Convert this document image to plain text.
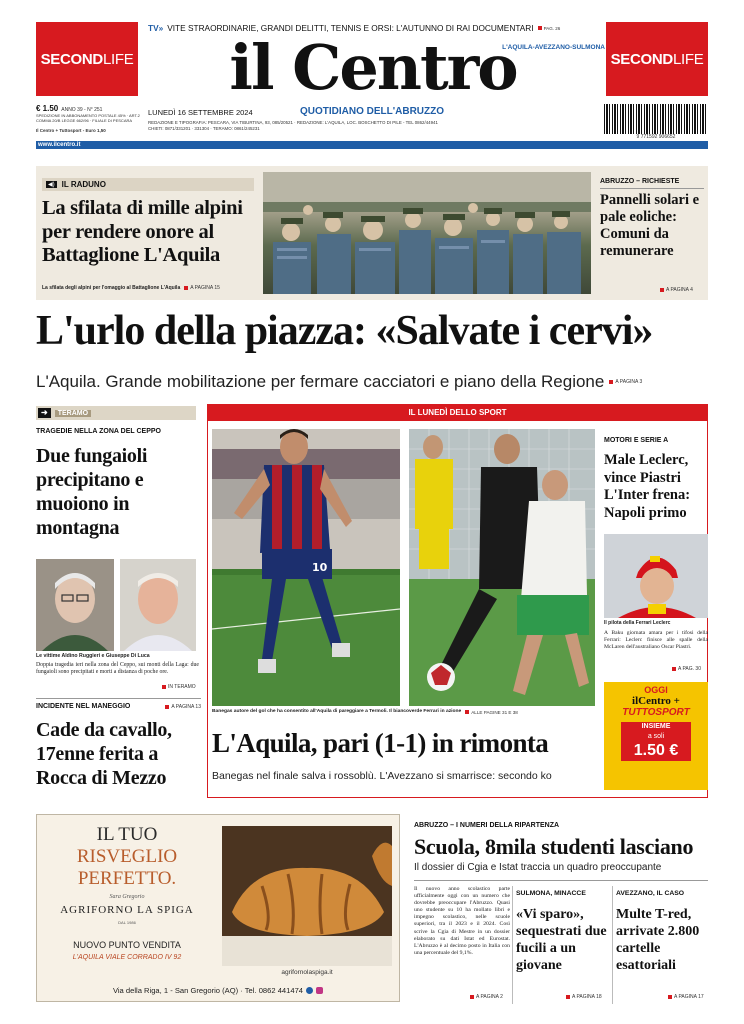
SECOND LIFE	SECOND LIFE
TV» VITE STRAORDINARIE, GRANDI DELITTI, TENNIS E ORSI: L'AUTUNNO DI RAI DOCUMENTARI PAG. 26
il Centro
L'AQUILA-AVEZZANO-SULMONA
LUNEDÌ 16 SETTEMBRE 2024	QUOTIDIANO DELL'ABRUZZO
€ 1.50 ANNO 39 - N° 251
SPEDIZIONE IN ABBONAMENTO POSTALE 45% · ART.2 COMMA 20/B LEGGE 662/96 · FILIALE DI PESCARA
Il Centro + Tuttosport - Euro 1,50
REDAZIONE E TIPOGRAFIA: PESCARA, VIA TIBURTINA, 93, 085/20521 · REDAZIONE: L'AQUILA, LOC. BOSCHETTO DI PILE - TEL 0862/44941
CHIETI: 0871/331201 · 331304 · TERAMO: 0861/245231
9 771592 906652
www.ilcentro.it
◀) IL RADUNO
La sfilata di mille alpini per rendere onore al Battaglione L'Aquila
La sfilata degli alpini per l'omaggio al Battaglione L'Aquila A PAGINA 15
ABRUZZO – RICHIESTE
Pannelli solari e pale eoliche: Comuni da remunerare
A PAGINA 4
L'urlo della piazza: «Salvate i cervi»
L'Aquila. Grande mobilitazione per fermare cacciatori e piano della Regione A PAGINA 3
➜	TERAMO
TRAGEDIE NELLA ZONA DEL CEPPO
Due fungaioli precipitano e muoiono in montagna
Le vittime Aldino Ruggieri e Giuseppe Di Luca
Doppia tragedia ieri nella zona del Ceppo, sui monti della Laga: due fungaioli sono precipitati e morti a distanza di poche ore.
IN TERAMO
INCIDENTE NEL MANEGGIO	A PAGINA 13
Cade da cavallo, 17enne ferita a Rocca di Mezzo
IL LUNEDÌ DELLO SPORT
10
Banegas autore del gol che ha consentito all'Aquila di pareggiare a Termoli. Il biancoverde Ferrari in azione ALLE PAGINE 31 E 38
L'Aquila, pari (1-1) in rimonta
Banegas nel finale salva i rossoblù. L'Avezzano si smarrisce: secondo ko
MOTORI E SERIE A
Male Leclerc, vince Piastri L'Inter frena: Napoli primo
Il pilota della Ferrari Leclerc
A Baku giornata amara per i tifosi della Ferrari: Leclerc finisce alle spalle della McLaren dell'australiano Oscar Piastri.
A PAG. 30
OGGI
ilCentro +
TUTTOSPORT
INSIEME
a soli
1.50 €
IL TUO
RISVEGLIO
PERFETTO.
Sara Gregorio
AGRIFORNO LA SPIGA
DAL 1986
NUOVO PUNTO VENDITA
L'AQUILA VIALE CORRADO IV 92
agrifornolaspiga.it
Via della Riga, 1 - San Gregorio (AQ) · Tel. 0862 441474
ABRUZZO – I NUMERI DELLA RIPARTENZA
Scuola, 8mila studenti lasciano
Il dossier di Cgia e Istat traccia un quadro preoccupante
Il nuovo anno scolastico parte ufficialmente oggi con un numero che dovrebbe preoccupare l'Abruzzo. Quasi uno studente su 10 ha mollato libri e impegno scolastico, nelle scuole superiori, tra il 2023 e il 2024. Così scrive la Cgia di Mestre in un dossier elaborato su dati Istat ed Eurostat. L'Abruzzo è al decimo posto in Italia con una percentuale del 9,1%.
A PAGINA 2
SULMONA, MINACCE
«Vi sparo», sequestrati due fucili a un giovane
A PAGINA 18
AVEZZANO, IL CASO
Multe T-red, arrivate 2.800 cartelle esattoriali
A PAGINA 17
